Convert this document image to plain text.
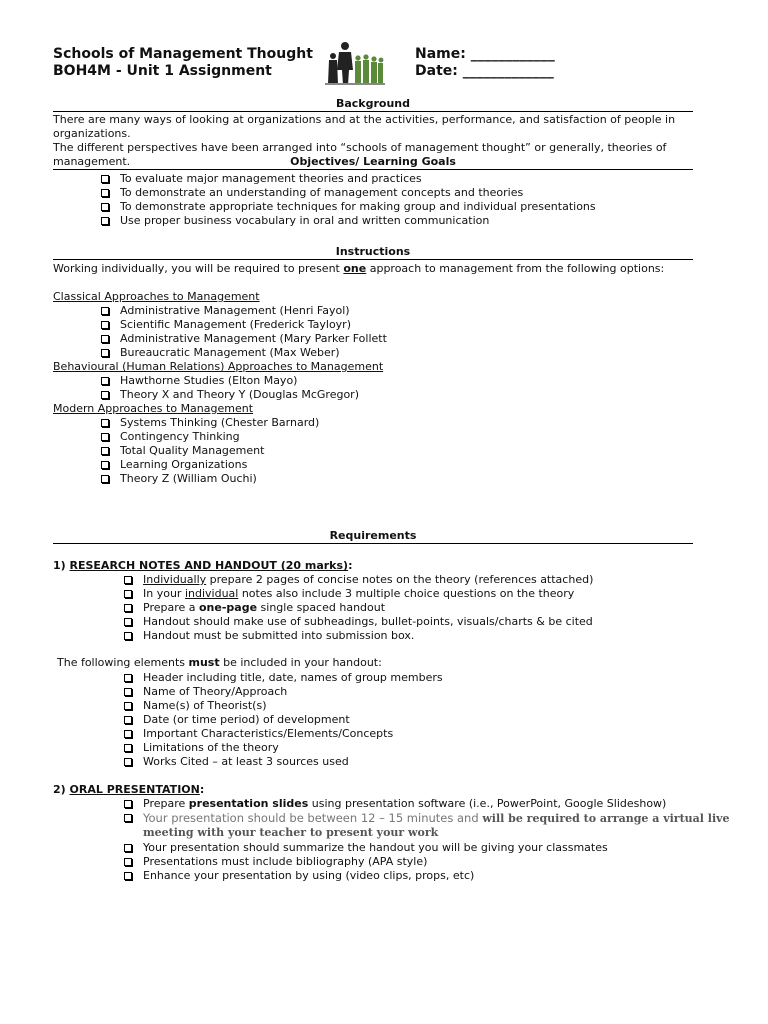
Schools of Management Thought
BOH4M - Unit 1 Assignment
Name: ____________
Date: _____________
Background
There are many ways of looking at organizations and at the activities, performance, and satisfaction of people in organizations.
The different perspectives have been arranged into “schools of management thought” or generally, theories of management.	Objectives/ Learning Goals
To evaluate major management theories and practices
To demonstrate an understanding of management concepts and theories
To demonstrate appropriate techniques for making group and individual presentations
Use proper business vocabulary in oral and written communication
Instructions
Working individually, you will be required to present one approach to management from the following options:
Classical Approaches to Management
Administrative Management (Henri Fayol)
Scientific Management (Frederick Tayloyr)
Administrative Management (Mary Parker Follett
Bureaucratic Management (Max Weber)
Behavioural (Human Relations) Approaches to Management
Hawthorne Studies (Elton Mayo)
Theory X and Theory Y (Douglas McGregor)
Modern Approaches to Management
Systems Thinking (Chester Barnard)
Contingency Thinking
Total Quality Management
Learning Organizations
Theory Z (William Ouchi)
Requirements
1) RESEARCH NOTES AND HANDOUT (20 marks):
Individually prepare 2 pages of concise notes on the theory (references attached)
In your individual notes also include 3 multiple choice questions on the theory
Prepare a one-page single spaced handout
Handout should make use of subheadings, bullet-points, visuals/charts & be cited
Handout must be submitted into submission box.
The following elements must be included in your handout:
Header including title, date, names of group members
Name of Theory/Approach
Name(s) of Theorist(s)
Date (or time period) of development
Important Characteristics/Elements/Concepts
Limitations of the theory
Works Cited – at least 3 sources used
2) ORAL PRESENTATION:
Prepare presentation slides using presentation software (i.e., PowerPoint, Google Slideshow)
Your presentation should be between 12 – 15 minutes and will be required to arrange a virtual live
meeting with your teacher to present your work
Your presentation should summarize the handout you will be giving your classmates
Presentations must include bibliography (APA style)
Enhance your presentation by using (video clips, props, etc)
